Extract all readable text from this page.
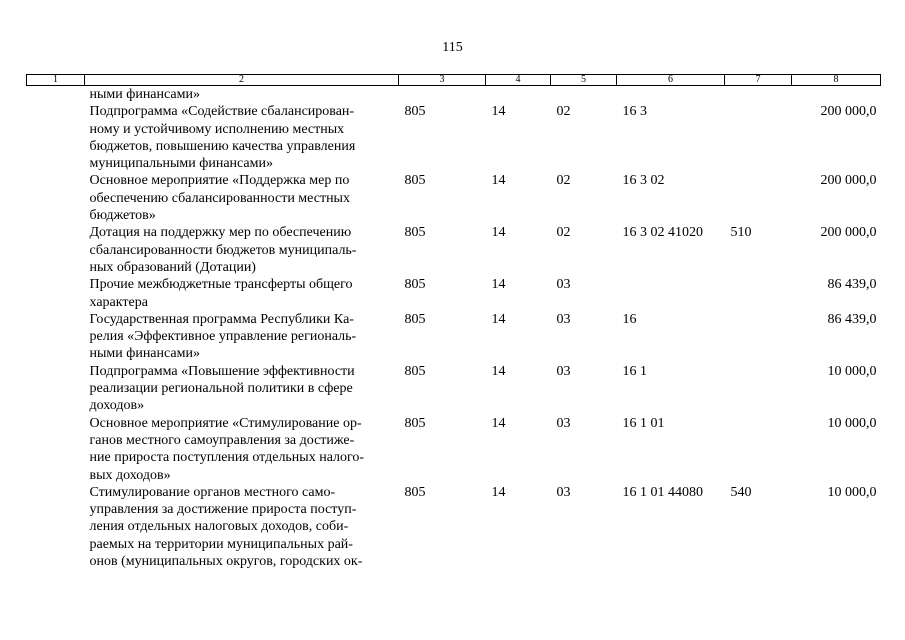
115
1	2	3	4	5	6	7	8

	ными финансами»						

	Подпрограмма «Содействие сбалансирован-
ному и устойчивому исполнению местных
бюджетов, повышению качества управления
муниципальными финансами»	805	14	02	16 3		200 000,0

	Основное мероприятие «Поддержка мер по
обеспечению сбалансированности местных
бюджетов»	805	14	02	16 3 02		200 000,0

	Дотация на поддержку мер по обеспечению
сбалансированности бюджетов муниципаль-
ных образований (Дотации)	805	14	02	16 3 02 41020	510	200 000,0

	Прочие межбюджетные трансферты общего
характера	805	14	03			86 439,0

	Государственная программа Республики Ка-
релия «Эффективное управление региональ-
ными финансами»	805	14	03	16		86 439,0

	Подпрограмма «Повышение эффективности
реализации региональной политики в сфере
доходов»	805	14	03	16 1		10 000,0

	Основное мероприятие «Стимулирование ор-
ганов местного самоуправления за достиже-
ние прироста поступления отдельных налого-
вых доходов»	805	14	03	16 1 01		10 000,0

	Стимулирование органов местного само-
управления за достижение прироста поступ-
ления отдельных налоговых доходов, соби-
раемых на территории муниципальных рай-
онов (муниципальных округов, городских ок-	805	14	03	16 1 01 44080	540	10 000,0
